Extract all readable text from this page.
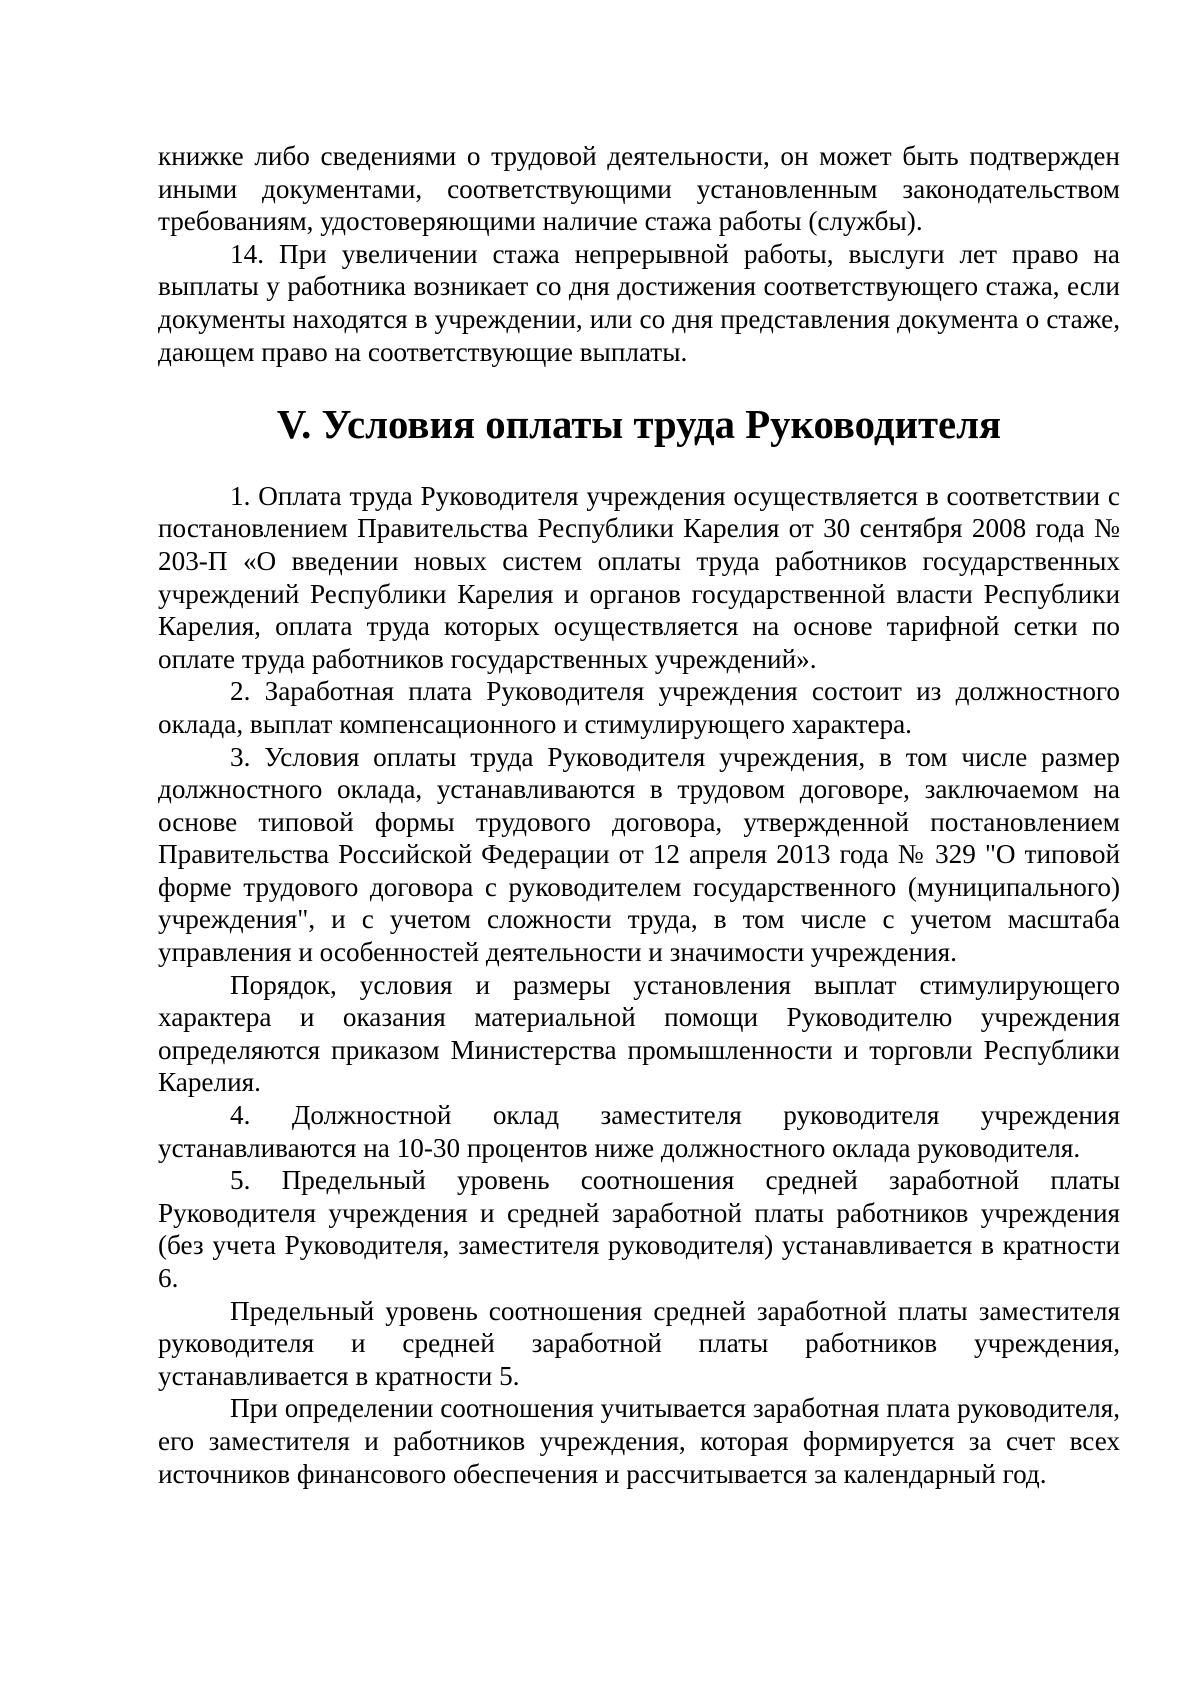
книжке либо сведениями о трудовой деятельности, он может быть подтвержден иными документами, соответствующими установленным законодательством требованиям, удостоверяющими наличие стажа работы (службы).

14. При увеличении стажа непрерывной работы, выслуги лет право на выплаты у работника возникает со дня достижения соответствующего стажа, если документы находятся в учреждении, или со дня представления документа о стаже, дающем право на соответствующие выплаты.

V. Условия оплаты труда Руководителя

1. Оплата труда Руководителя учреждения осуществляется в соответствии с постановлением Правительства Республики Карелия от 30 сентября 2008 года № 203-П «О введении новых систем оплаты труда работников государственных учреждений Республики Карелия и органов государственной власти Республики Карелия, оплата труда которых осуществляется на основе тарифной сетки по оплате труда работников государственных учреждений».

2. Заработная плата Руководителя учреждения состоит из должностного оклада, выплат компенсационного и стимулирующего характера.

3. Условия оплаты труда Руководителя учреждения, в том числе размер должностного оклада, устанавливаются в трудовом договоре, заключаемом на основе типовой формы трудового договора, утвержденной постановлением Правительства Российской Федерации от 12 апреля 2013 года № 329 "О типовой форме трудового договора с руководителем государственного (муниципального) учреждения", и с учетом сложности труда, в том числе с учетом масштаба управления и особенностей деятельности и значимости учреждения.

Порядок, условия и размеры установления выплат стимулирующего характера и оказания материальной помощи Руководителю учреждения определяются приказом Министерства промышленности и торговли Республики Карелия.

4. Должностной оклад заместителя руководителя учреждения устанавливаются на 10-30 процентов ниже должностного оклада руководителя.

5. Предельный уровень соотношения средней заработной платы Руководителя учреждения и средней заработной платы работников учреждения (без учета Руководителя, заместителя руководителя) устанавливается в кратности 6.

Предельный уровень соотношения средней заработной платы заместителя руководителя и средней заработной платы работников учреждения, устанавливается в кратности 5.

При определении соотношения учитывается заработная плата руководителя, его заместителя и работников учреждения, которая формируется за счет всех источников финансового обеспечения и рассчитывается за календарный год.
